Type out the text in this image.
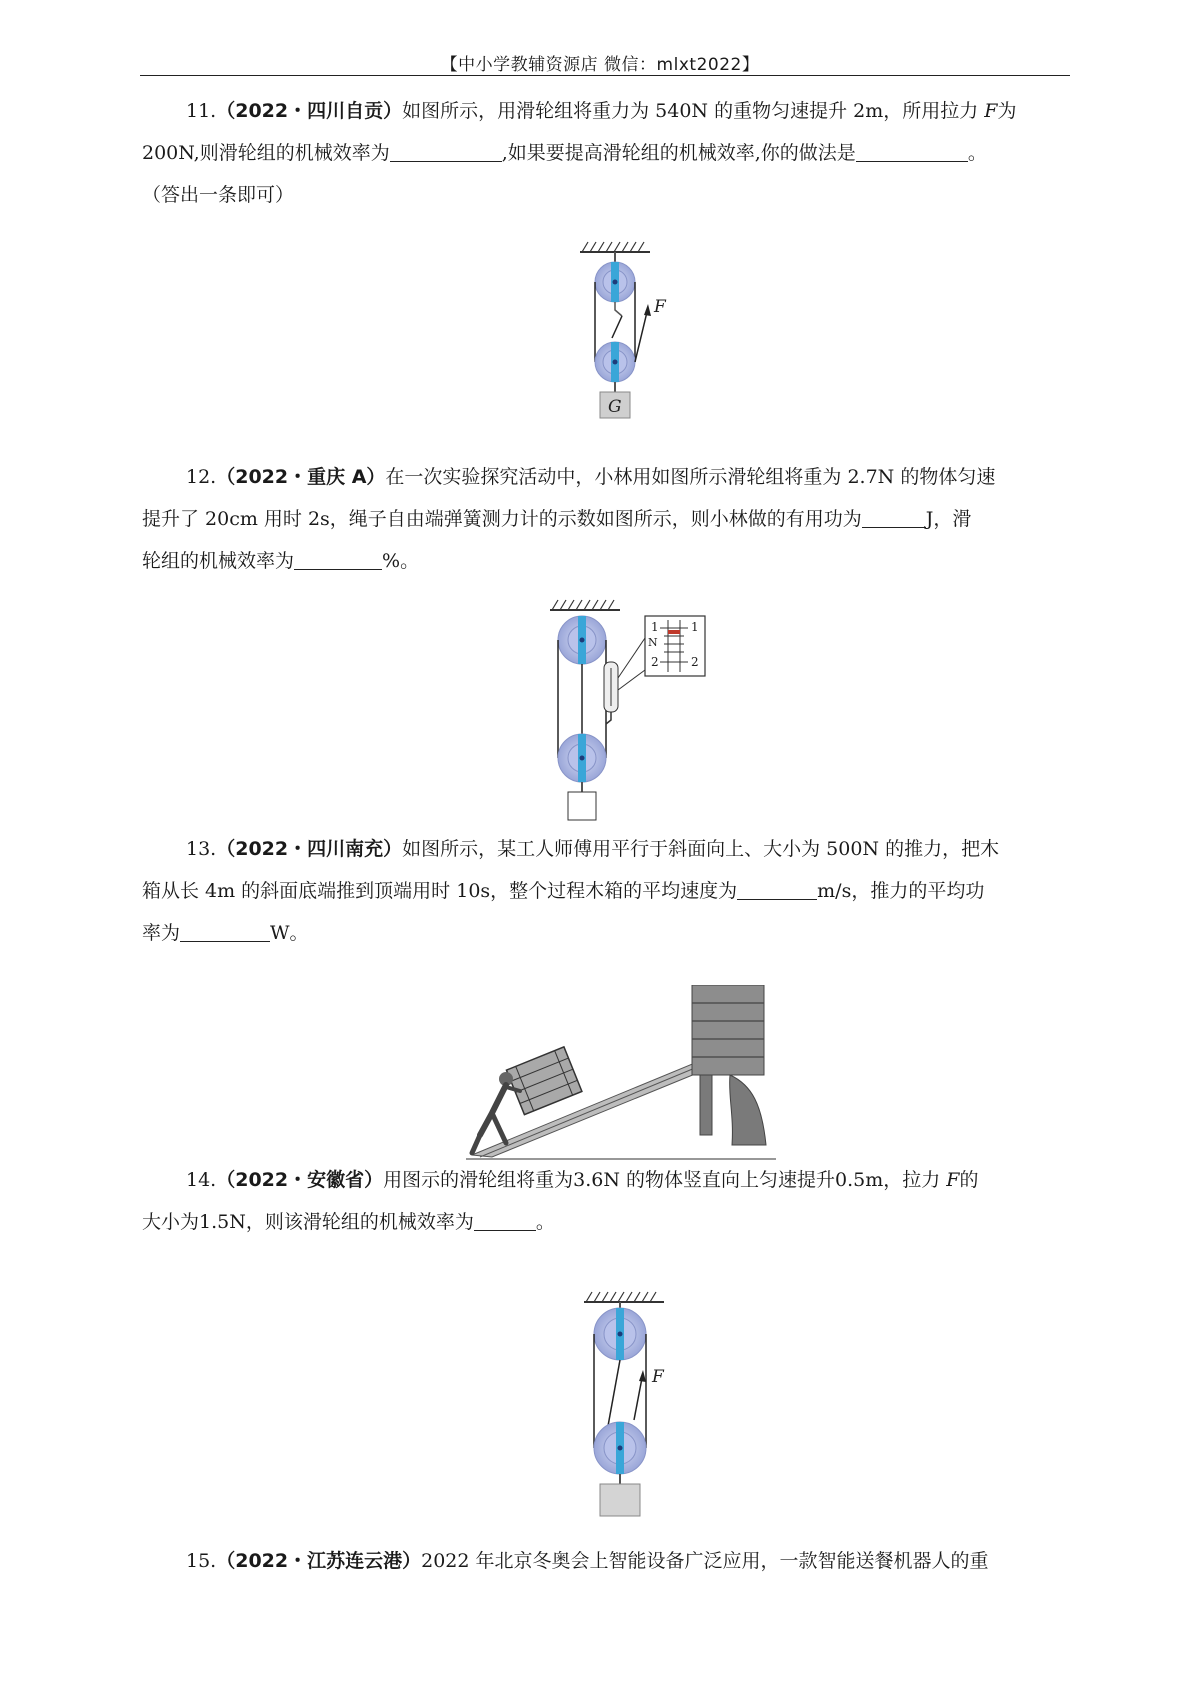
【中小学教辅资源店 微信：mlxt2022】
11.（2022・四川自贡）如图所示，用滑轮组将重力为 540N 的重物匀速提升 2m，所用拉力 F为
200N,则滑轮组的机械效率为	,如果要提高滑轮组的机械效率,你的做法是	。
（答出一条即可）
F
G
12.（2022・重庆 A）在一次实验探究活动中，小林用如图所示滑轮组将重为 2.7N 的物体匀速
提升了 20cm 用时 2s，绳子自由端弹簧测力计的示数如图所示，则小林做的有用功为	J，滑
轮组的机械效率为	%。
1	1
N
2	2
13.（2022・四川南充）如图所示，某工人师傅用平行于斜面向上、大小为 500N 的推力，把木
箱从长 4m 的斜面底端推到顶端用时 10s，整个过程木箱的平均速度为	m/s，推力的平均功
率为	W。
14.（2022・安徽省）用图示的滑轮组将重为3.6N 的物体竖直向上匀速提升0.5m，拉力 F的
大小为1.5N，则该滑轮组的机械效率为	。
F
15.（2022・江苏连云港）2022 年北京冬奥会上智能设备广泛应用，一款智能送餐机器人的重
